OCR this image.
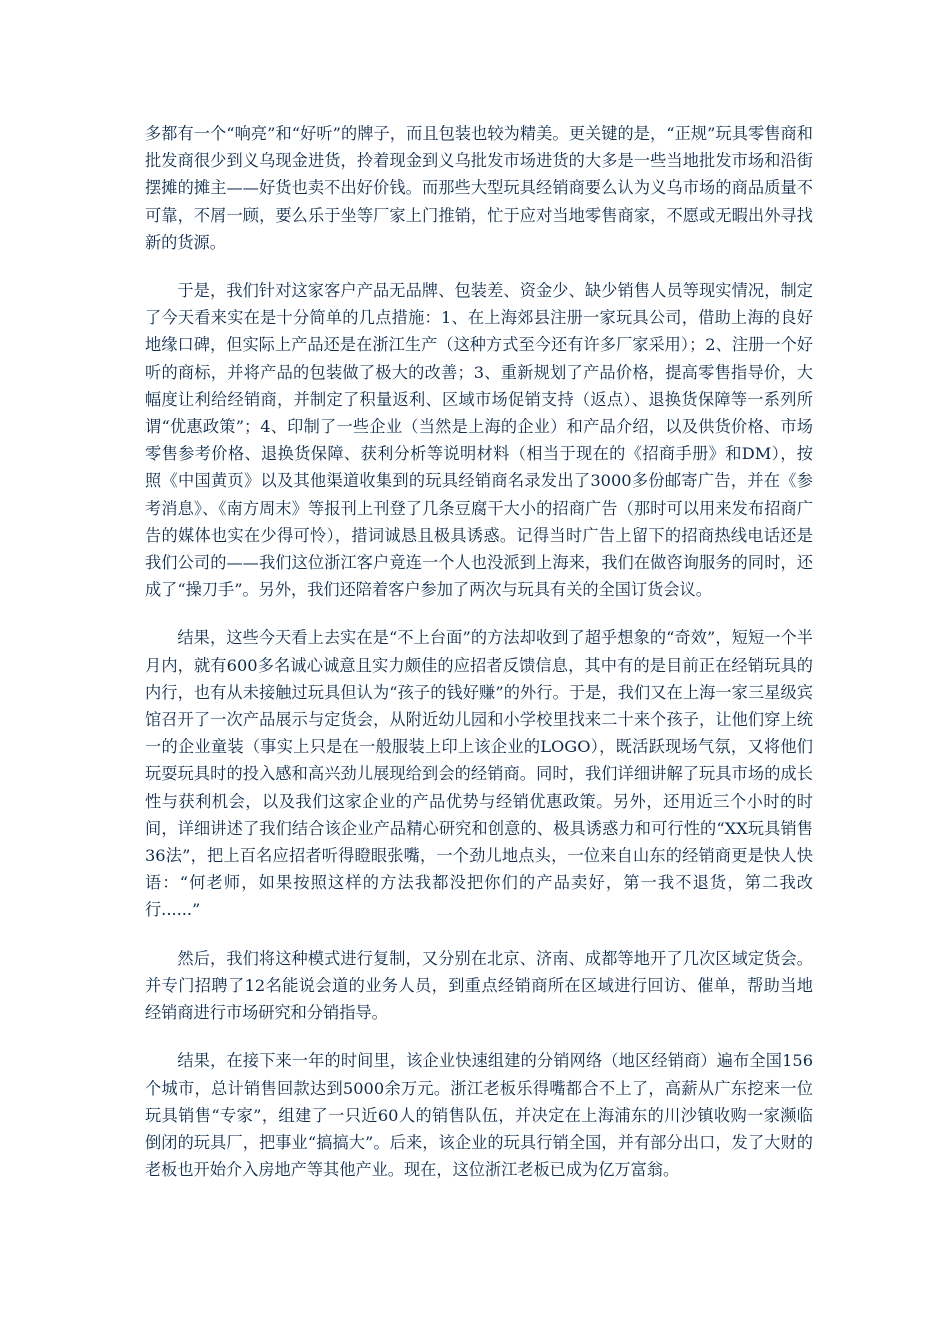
多都有一个“响亮”和“好听”的牌子，而且包装也较为精美。更关键的是，“正规”玩具零售商和批发商很少到义乌现金进货，拎着现金到义乌批发市场进货的大多是一些当地批发市场和沿街摆摊的摊主——好货也卖不出好价钱。而那些大型玩具经销商要么认为义乌市场的商品质量不可靠，不屑一顾，要么乐于坐等厂家上门推销，忙于应对当地零售商家，不愿或无暇出外寻找新的货源。

于是，我们针对这家客户产品无品牌、包装差、资金少、缺少销售人员等现实情况，制定了今天看来实在是十分简单的几点措施：1、在上海郊县注册一家玩具公司，借助上海的良好地缘口碑，但实际上产品还是在浙江生产（这种方式至今还有许多厂家采用）；2、注册一个好听的商标，并将产品的包装做了极大的改善；3、重新规划了产品价格，提高零售指导价，大幅度让利给经销商，并制定了积量返利、区域市场促销支持（返点）、退换货保障等一系列所谓“优惠政策”；4、印制了一些企业（当然是上海的企业）和产品介绍，以及供货价格、市场零售参考价格、退换货保障、获利分析等说明材料（相当于现在的《招商手册》和DM），按照《中国黄页》以及其他渠道收集到的玩具经销商名录发出了3000多份邮寄广告，并在《参考消息》、《南方周末》等报刊上刊登了几条豆腐干大小的招商广告（那时可以用来发布招商广告的媒体也实在少得可怜），措词诚恳且极具诱惑。记得当时广告上留下的招商热线电话还是我们公司的——我们这位浙江客户竟连一个人也没派到上海来，我们在做咨询服务的同时，还成了“操刀手”。另外，我们还陪着客户参加了两次与玩具有关的全国订货会议。

结果，这些今天看上去实在是“不上台面”的方法却收到了超乎想象的“奇效”，短短一个半月内，就有600多名诚心诚意且实力颇佳的应招者反馈信息，其中有的是目前正在经销玩具的内行，也有从未接触过玩具但认为“孩子的钱好赚”的外行。于是，我们又在上海一家三星级宾馆召开了一次产品展示与定货会，从附近幼儿园和小学校里找来二十来个孩子，让他们穿上统一的企业童装（事实上只是在一般服装上印上该企业的LOGO），既活跃现场气氛，又将他们玩耍玩具时的投入感和高兴劲儿展现给到会的经销商。同时，我们详细讲解了玩具市场的成长性与获利机会，以及我们这家企业的产品优势与经销优惠政策。另外，还用近三个小时的时间，详细讲述了我们结合该企业产品精心研究和创意的、极具诱惑力和可行性的“XX玩具销售36法”，把上百名应招者听得瞪眼张嘴，一个劲儿地点头，一位来自山东的经销商更是快人快语：“何老师，如果按照这样的方法我都没把你们的产品卖好，第一我不退货，第二我改行......”

然后，我们将这种模式进行复制，又分别在北京、济南、成都等地开了几次区域定货会。并专门招聘了12名能说会道的业务人员，到重点经销商所在区域进行回访、催单，帮助当地经销商进行市场研究和分销指导。

结果，在接下来一年的时间里，该企业快速组建的分销网络（地区经销商）遍布全国156个城市，总计销售回款达到5000余万元。浙江老板乐得嘴都合不上了，高薪从广东挖来一位玩具销售“专家”，组建了一只近60人的销售队伍，并决定在上海浦东的川沙镇收购一家濒临倒闭的玩具厂，把事业“搞搞大”。后来，该企业的玩具行销全国，并有部分出口，发了大财的老板也开始介入房地产等其他产业。现在，这位浙江老板已成为亿万富翁。
